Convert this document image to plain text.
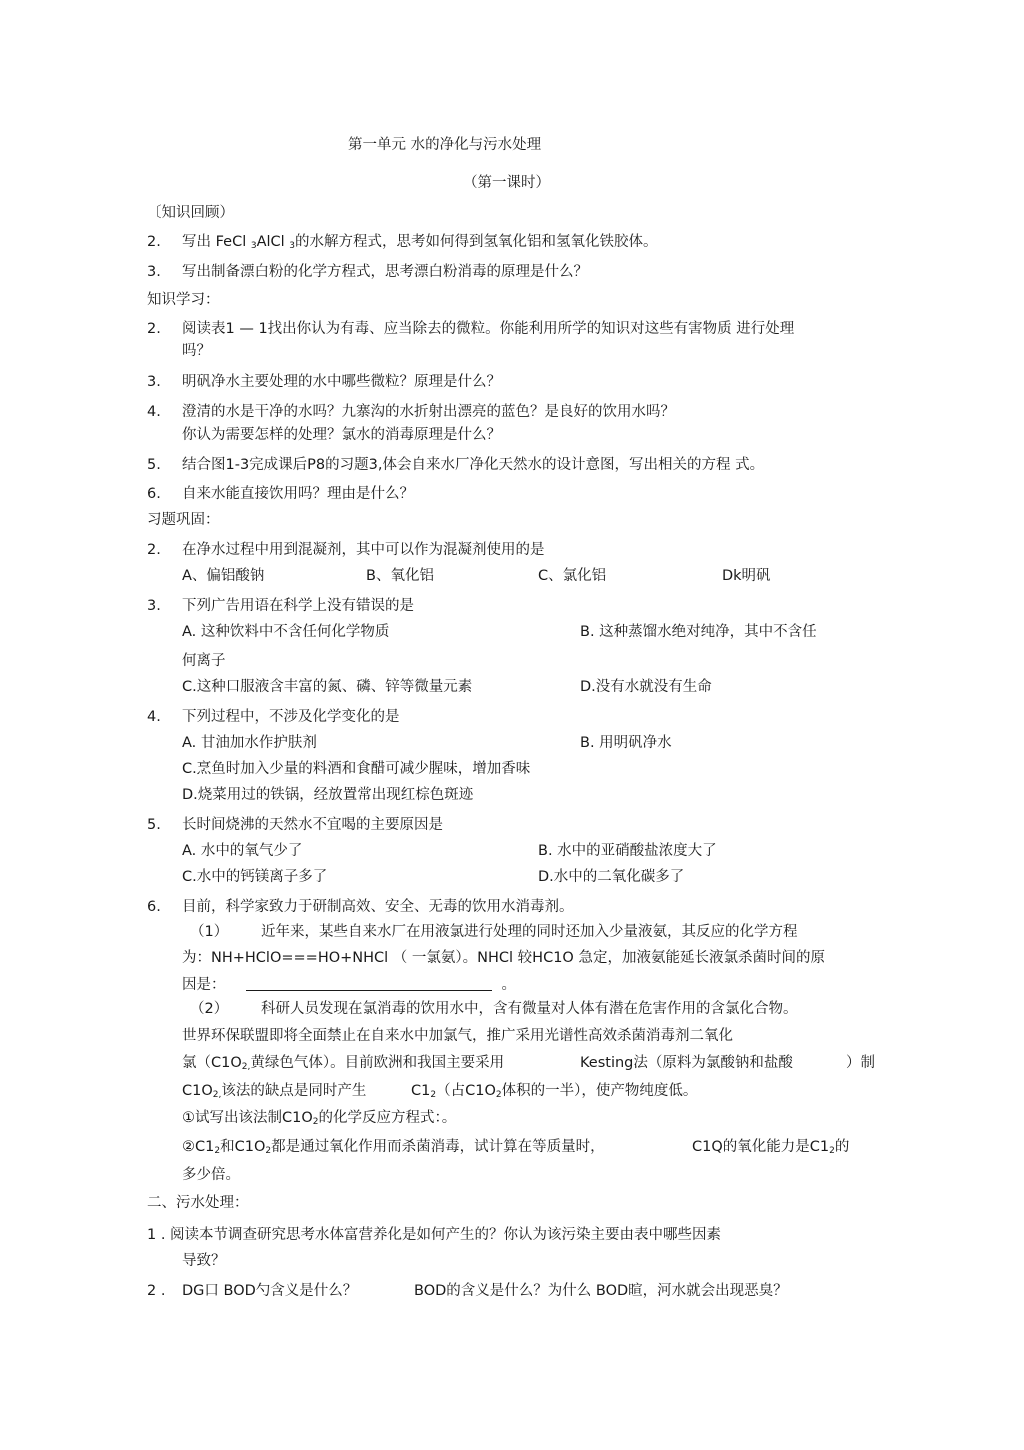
第一单元 水的净化与污水处理
（第一课时）
〔知识回顾）
2. 写出 FeCl $_3$AlCl $_3$的水解方程式，思考如何得到氢氧化铝和氢氧化铁胶体。
3. 写出制备漂白粉的化学方程式，思考漂白粉消毒的原理是什么？
知识学习：
2. 阅读表1 — 1找出你认为有毒、应当除去的微粒。你能利用所学的知识对这些有害物质 进行处理
吗？
3. 明矾净水主要处理的水中哪些微粒？原理是什么？
4. 澄清的水是干净的水吗？九寨沟的水折射出漂亮的蓝色？是良好的饮用水吗？
你认为需要怎样的处理？氯水的消毒原理是什么？
5. 结合图1-3完成课后P8的习题3,体会自来水厂净化天然水的设计意图，写出相关的方程 式。
6. 自来水能直接饮用吗？理由是什么？
习题巩固：
2. 在净水过程中用到混凝剂，其中可以作为混凝剂使用的是
A、偏铝酸钠	B、氧化铝	C、氯化铝	Dk明矾
3. 下列广告用语在科学上没有错误的是
A. 这种饮料中不含任何化学物质	B. 这种蒸馏水绝对纯净，其中不含任
何离子
C.这种口服液含丰富的氮、磷、锌等微量元素	D.没有水就没有生命
4. 下列过程中，不涉及化学变化的是
A. 甘油加水作护肤剂	B. 用明矾净水
C.烹鱼时加入少量的料酒和食醋可减少腥味，增加香味
D.烧菜用过的铁锅，经放置常出现红棕色斑迹
5. 长时间烧沸的天然水不宜喝的主要原因是
A. 水中的氧气少了	B. 水中的亚硝酸盐浓度大了
C.水中的钙镁离子多了	D.水中的二氧化碳多了
6. 目前，科学家致力于研制高效、安全、无毒的饮用水消毒剂。
（1） 近年来，某些自来水厂在用液氯进行处理的同时还加入少量液氨，其反应的化学方程
为：NH+HClO===HO+NHCl （ 一氯氨）。NHCl 较HC1O 急定，加液氨能延长液氯杀菌时间的原
因是：	。
（2） 科研人员发现在氯消毒的饮用水中，含有微量对人体有潜在危害作用的含氯化合物。
世界环保联盟即将全面禁止在自来水中加氯气，推广采用光谱性高效杀菌消毒剂二氧化
氯（$C1O_{2,}$黄绿色气体）。目前欧洲和我国主要采用	Kesting法（原料为氯酸钠和盐酸	）制
$C1O_{2,}$该法的缺点是同时产生	$C1_2$（占$C1O_2$体积的一半），使产物纯度低。
①试写出该法制$C1O_2$的化学反应方程式：。
$②C1_2$和$C1O_2$都是通过氧化作用而杀菌消毒，试计算在等质量时，	C1Q的氧化能力是$C1_2$的
多少倍。
二、污水处理：
1 . 阅读本节调查研究思考水体富营养化是如何产生的？你认为该污染主要由表中哪些因素
导致？
2 . DG口 BOD勺含义是什么？	BOD的含义是什么？为什么 BOD暄，河水就会出现恶臭？
